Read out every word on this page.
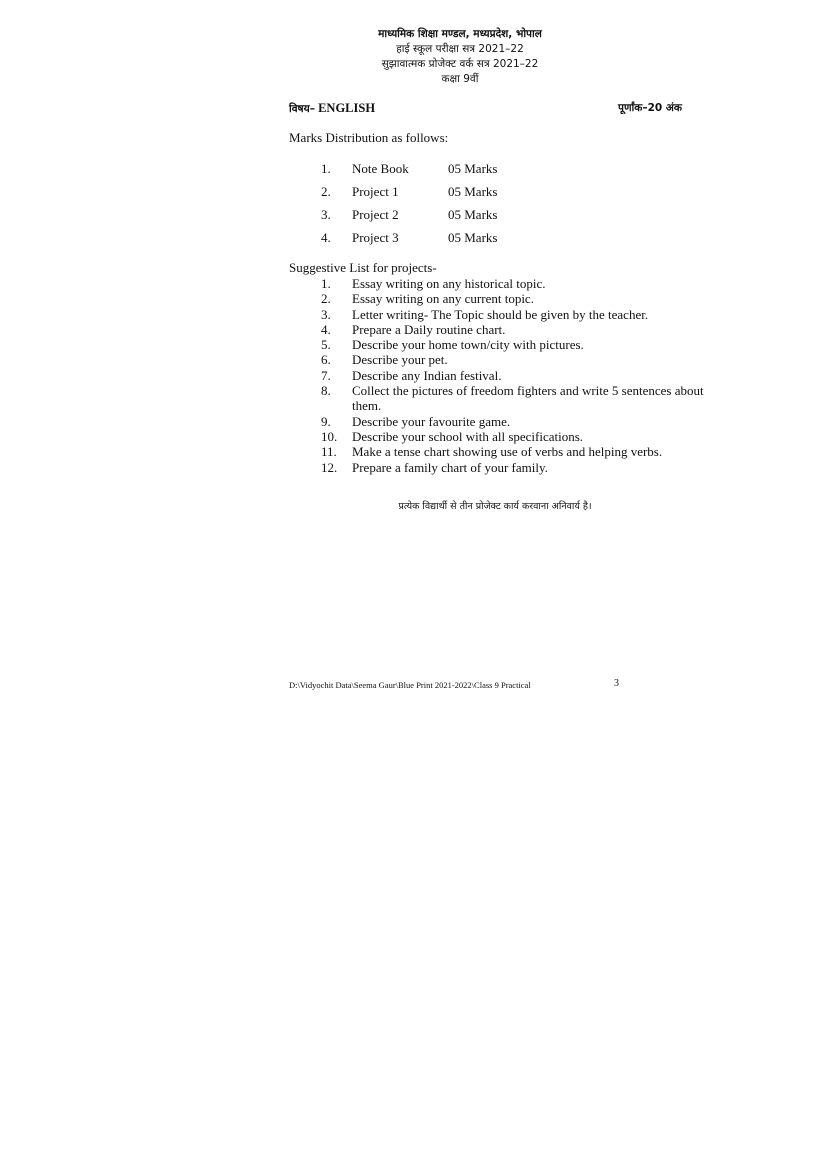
माध्यमिक शिक्षा मण्डल, मध्यप्रदेश, भोपाल
हाई स्कूल परीक्षा सत्र 2021–22
सुझावात्मक प्रोजेक्ट वर्क सत्र 2021–22
कक्षा 9वीं
विषय– ENGLISH	पूर्णांक–20 अंक
Marks Distribution as follows:
1. Note Book	05 Marks
2. Project 1	05 Marks
3. Project 2	05 Marks
4. Project 3	05 Marks
Suggestive List for projects-
1. Essay writing on any historical topic.
2. Essay writing on any current topic.
3. Letter writing- The Topic should be given by the teacher.
4. Prepare a Daily routine chart.
5. Describe your home town/city with pictures.
6. Describe your pet.
7. Describe any Indian festival.
8. Collect the pictures of freedom fighters and write 5 sentences about them.
9. Describe your favourite game.
10. Describe your school with all specifications.
11. Make a tense chart showing use of verbs and helping verbs.
12. Prepare a family chart of your family.
प्रत्येक विद्यार्थी से तीन प्रोजेक्ट कार्य करवाना अनिवार्य है।
D:\Vidyochit Data\Seema Gaur\Blue Print 2021-2022\Class 9 Practical	3
